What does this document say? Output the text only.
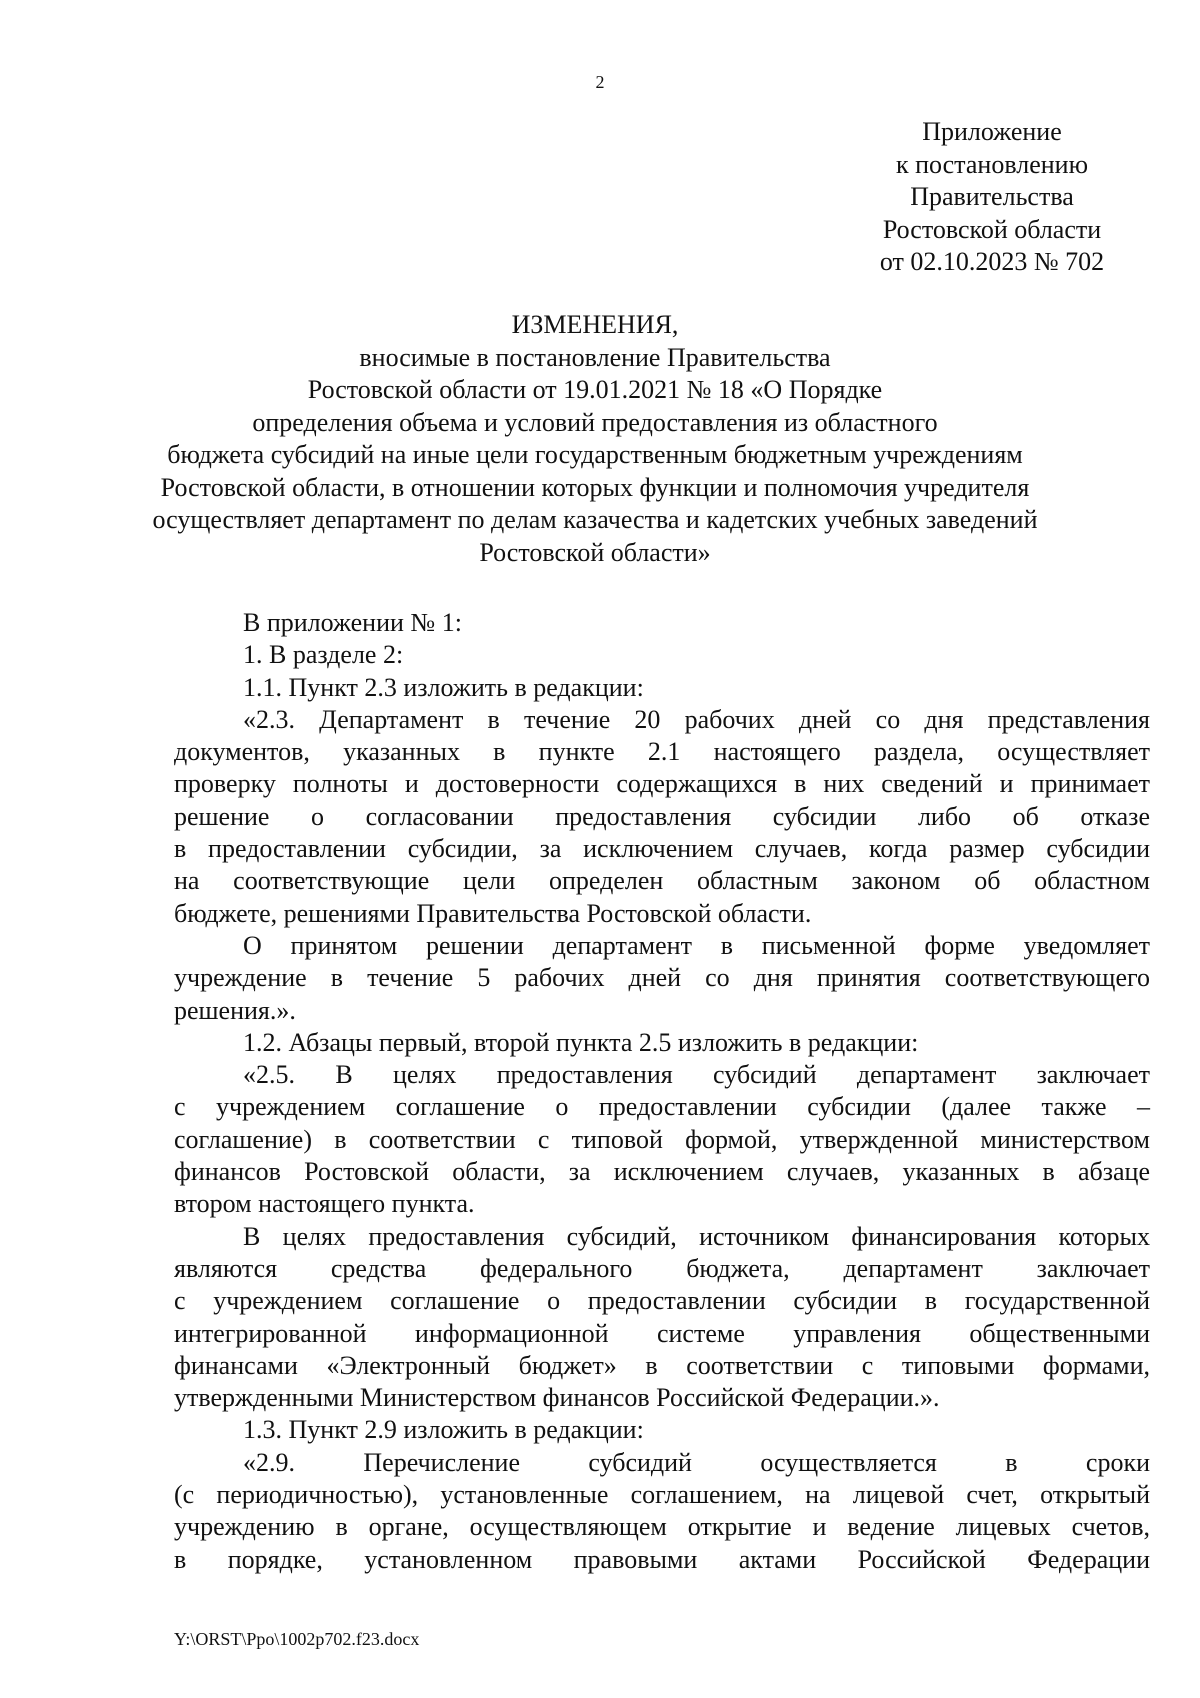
2
Приложение
к постановлению
Правительства
Ростовской области
от 02.10.2023 № 702
ИЗМЕНЕНИЯ,
вносимые в постановление Правительства
Ростовской области от 19.01.2021 № 18 «О Порядке
определения объема и условий предоставления из областного
бюджета субсидий на иные цели государственным бюджетным учреждениям
Ростовской области, в отношении которых функции и полномочия учредителя
осуществляет департамент по делам казачества и кадетских учебных заведений
Ростовской области»
В приложении № 1:
1. В разделе 2:
1.1. Пункт 2.3 изложить в редакции:
«2.3. Департамент в течение 20 рабочих дней со дня представления
документов, указанных в пункте 2.1 настоящего раздела, осуществляет
проверку полноты и достоверности содержащихся в них сведений и принимает
решение о согласовании предоставления субсидии либо об отказе
в предоставлении субсидии, за исключением случаев, когда размер субсидии
на соответствующие цели определен областным законом об областном
бюджете, решениями Правительства Ростовской области.
О принятом решении департамент в письменной форме уведомляет
учреждение в течение 5 рабочих дней со дня принятия соответствующего
решения.».
1.2. Абзацы первый, второй пункта 2.5 изложить в редакции:
«2.5. В целях предоставления субсидий департамент заключает
с учреждением соглашение о предоставлении субсидии (далее также –
соглашение) в соответствии с типовой формой, утвержденной министерством
финансов Ростовской области, за исключением случаев, указанных в абзаце
втором настоящего пункта.
В целях предоставления субсидий, источником финансирования которых
являются средства федерального бюджета, департамент заключает
с учреждением соглашение о предоставлении субсидии в государственной
интегрированной информационной системе управления общественными
финансами «Электронный бюджет» в соответствии с типовыми формами,
утвержденными Министерством финансов Российской Федерации.».
1.3. Пункт 2.9 изложить в редакции:
«2.9. Перечисление субсидий осуществляется в сроки
(с периодичностью), установленные соглашением, на лицевой счет, открытый
учреждению в органе, осуществляющем открытие и ведение лицевых счетов,
в порядке, установленном правовыми актами Российской Федерации
Y:\ORST\Ppo\1002p702.f23.docx
